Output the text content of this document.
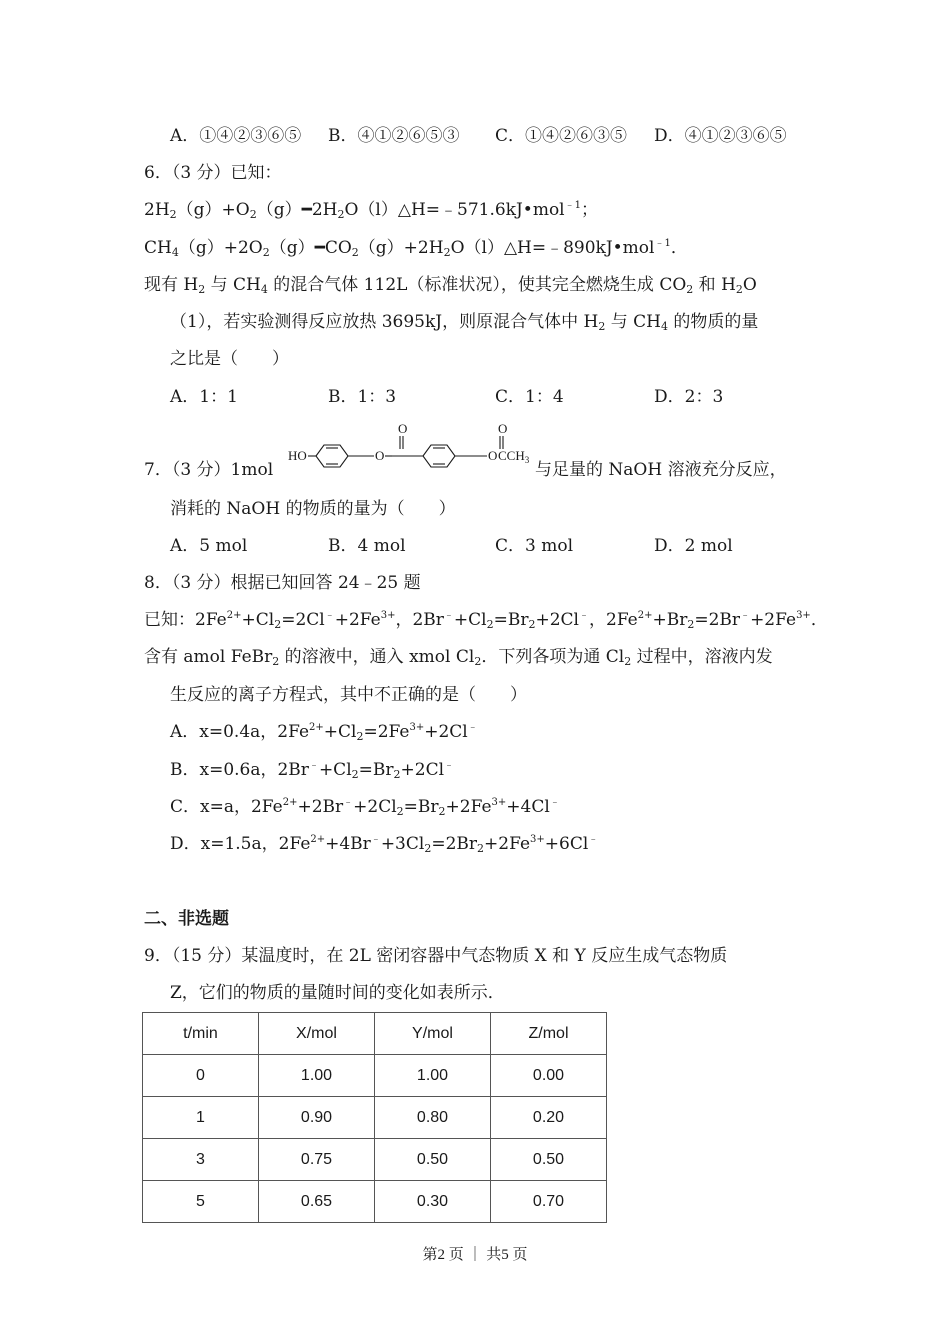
A．①④②③⑥⑤ B．④①②⑥⑤③ C．①④②⑥③⑤ D．④①②③⑥⑤
6．（3 分）已知：
$2H_2(g)+O_2(g)━2H_2O(l)\triangle H=﹣571.6kJ•mol^{﹣1}$；
$CH_4(g)+2O_2(g)━CO_2(g)+2H_2O(l)\triangle H=﹣890kJ•mol^{﹣1}$．
现有 $H_2$ 与 $CH_4$ 的混合气体 112L（标准状况），使其完全燃烧生成 $CO_2$ 和 $H_2O$
（1），若实验测得反应放热 3695kJ，则原混合气体中 $H_2$ 与 $CH_4$ 的物质的量
之比是（　　）
A．1：1	B．1：3	C．1：4	D．2：3
7．（3 分）1mol
HO	O
O
O
O
$CCH_3$ 与足量的 NaOH 溶液充分反应，
消耗的 NaOH 的物质的量为（　　）
A．5 mol	B．4 mol	C．3 mol	D．2 mol
8．（3 分）根据已知回答 24﹣25 题
已知：$2Fe^{2+}+Cl_2=2Cl^﹣+2Fe^{3+}$，$2Br^﹣+Cl_2=Br_2+2Cl^﹣$，$2Fe^{2+}+Br_2=2Br^﹣+2Fe^{3+}$．
含有 amol FeBr$_2$ 的溶液中，通入 xmol $Cl_2$．下列各项为通 $Cl_2$ 过程中，溶液内发
生反应的离子方程式，其中不正确的是（　　）
A．x=0.4a，$2Fe^{2+}+Cl_2=2Fe^{3+}+2Cl^﹣$
B．x=0.6a，$2Br^﹣+Cl_2=Br_2+2Cl^﹣$
C．x=a，$2Fe^{2+}+2Br^﹣+2Cl_2=Br_2+2Fe^{3+}+4Cl^﹣$
D．x=1.5a，$2Fe^{2+}+4Br^﹣+3Cl_2=2Br_2+2Fe^{3+}+6Cl^﹣$
二、非选题
9．（15 分）某温度时，在 2L 密闭容器中气态物质 X 和 Y 反应生成气态物质
Z，它们的物质的量随时间的变化如表所示．
t/min	X/mol	Y/mol	Z/mol
0	1.00	1.00	0.00
1	0.90	0.80	0.20
3	0.75	0.50	0.50
5	0.65	0.30	0.70
第2 页 ｜ 共5 页
